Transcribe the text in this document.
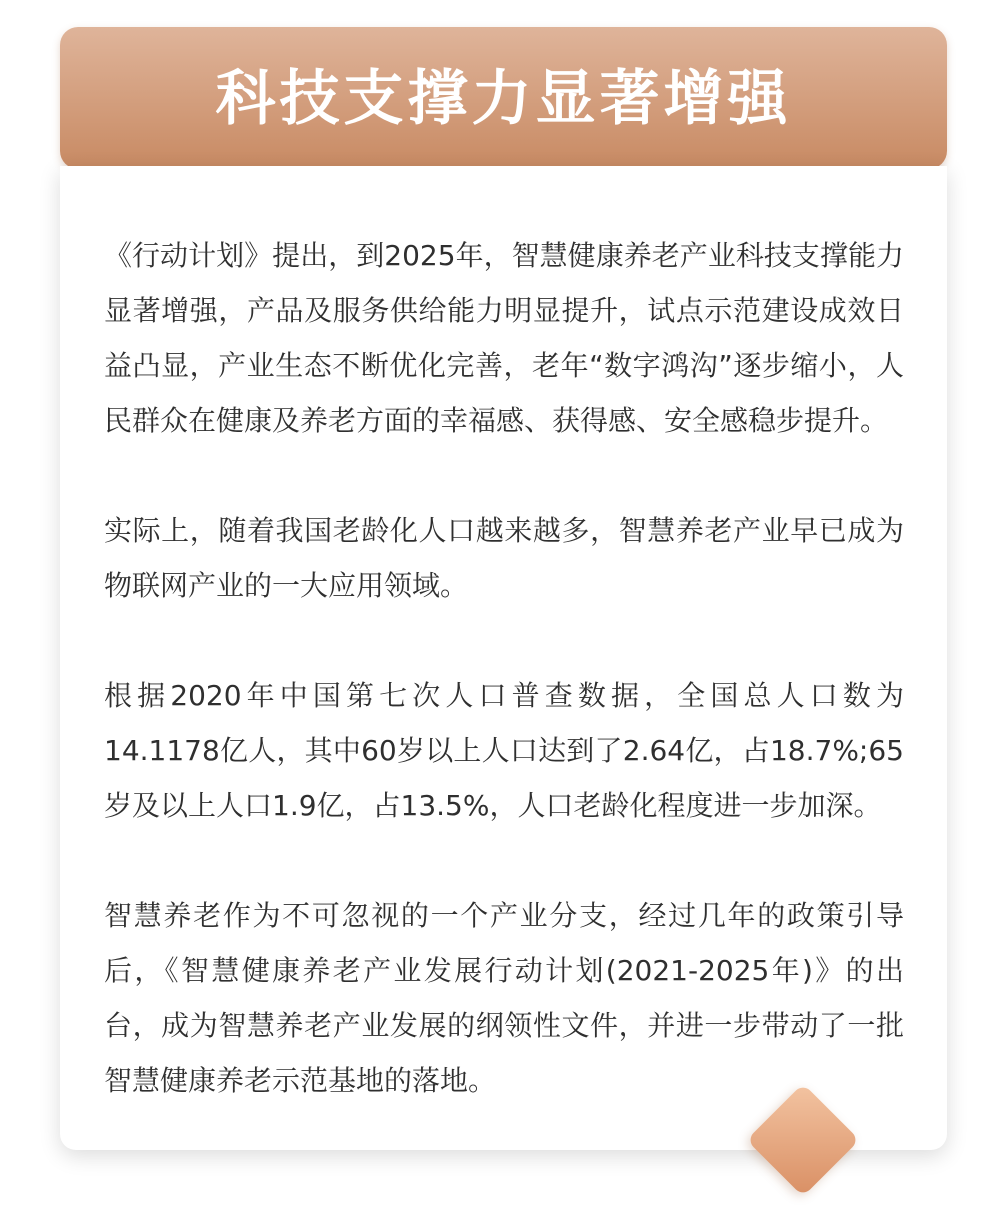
科技支撑力显著增强

《行动计划》提出，到2025年，智慧健康养老产业科技支撑能力显著增强，产品及服务供给能力明显提升，试点示范建设成效日益凸显，产业生态不断优化完善，老年“数字鸿沟”逐步缩小，人民群众在健康及养老方面的幸福感、获得感、安全感稳步提升。

实际上，随着我国老龄化人口越来越多，智慧养老产业早已成为物联网产业的一大应用领域。

根据2020年中国第七次人口普查数据，全国总人口数为14.1178亿人，其中60岁以上人口达到了2.64亿，占18.7%;65岁及以上人口1.9亿，占13.5%，人口老龄化程度进一步加深。

智慧养老作为不可忽视的一个产业分支，经过几年的政策引导后，《智慧健康养老产业发展行动计划(2021-2025年)》的出台，成为智慧养老产业发展的纲领性文件，并进一步带动了一批智慧健康养老示范基地的落地。
